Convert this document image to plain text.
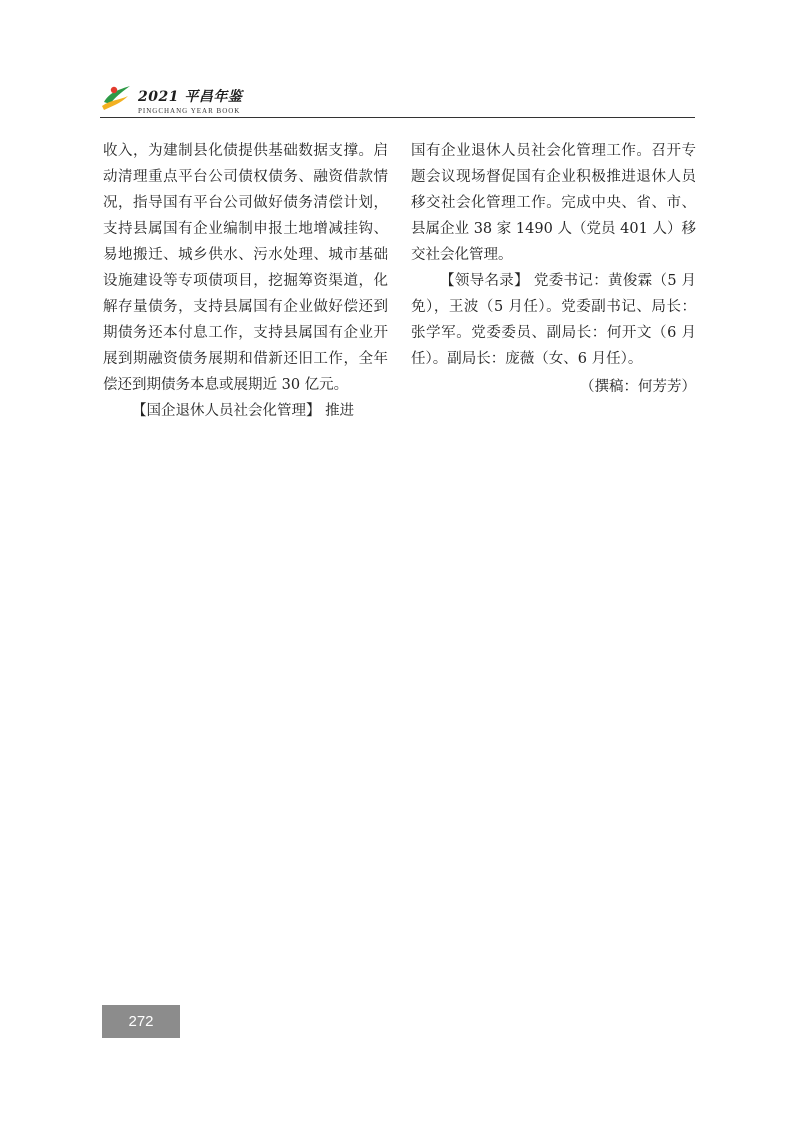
2021 平昌年鉴
PINGCHANG YEAR BOOK

收入，为建制县化债提供基础数据支撑。启动清理重点平台公司债权债务、融资借款情况，指导国有平台公司做好债务清偿计划，支持县属国有企业编制申报土地增减挂钩、易地搬迁、城乡供水、污水处理、城市基础设施建设等专项债项目，挖掘筹资渠道，化解存量债务，支持县属国有企业做好偿还到期债务还本付息工作，支持县属国有企业开展到期融资债务展期和借新还旧工作，全年偿还到期债务本息或展期近 30 亿元。

【国企退休人员社会化管理】 推进

国有企业退休人员社会化管理工作。召开专题会议现场督促国有企业积极推进退休人员移交社会化管理工作。完成中央、省、市、县属企业 38 家 1490 人（党员 401 人）移交社会化管理。

【领导名录】 党委书记：黄俊霖（5 月免），王波（5 月任）。党委副书记、局长：张学军。党委委员、副局长：何开文（6 月任）。副局长：庞薇（女、6 月任）。

（撰稿：何芳芳）

272
